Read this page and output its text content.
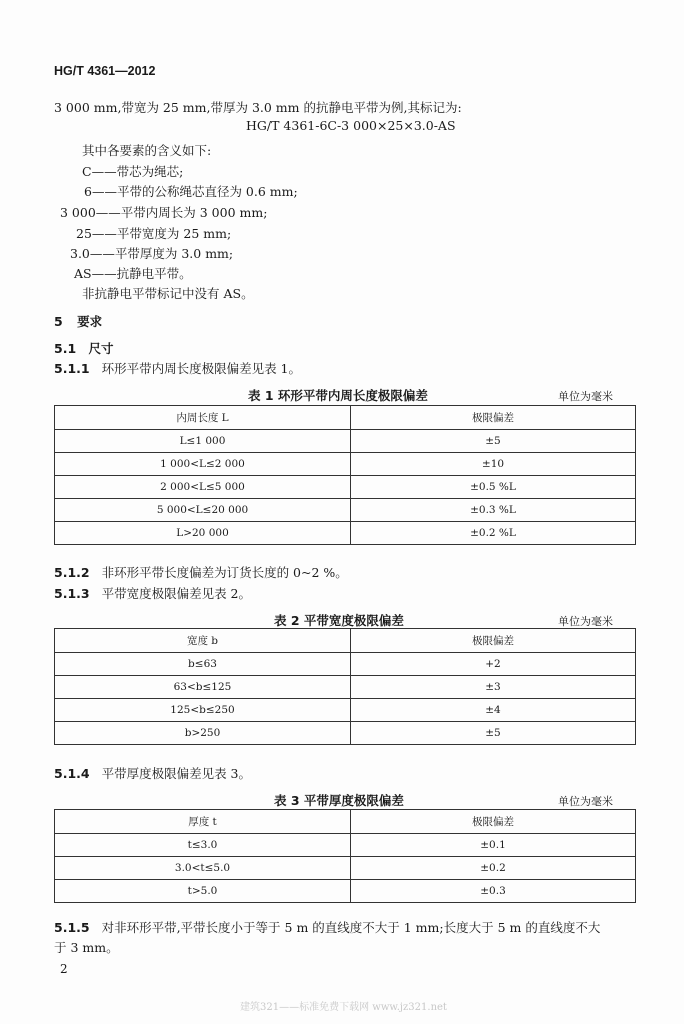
HG/T 4361—2012
3 000 mm,带宽为 25 mm,带厚为 3.0 mm 的抗静电平带为例,其标记为:
HG/T 4361-6C-3 000×25×3.0-AS
其中各要素的含义如下:
C——带芯为绳芯;
6——平带的公称绳芯直径为 0.6 mm;
3 000——平带内周长为 3 000 mm;
25——平带宽度为 25 mm;
3.0——平带厚度为 3.0 mm;
AS——抗静电平带。
非抗静电平带标记中没有 AS。
5 要求
5.1 尺寸
5.1.1 环形平带内周长度极限偏差见表 1。
表 1 环形平带内周长度极限偏差	单位为毫米
内周长度 L	极限偏差
L≤1 000	±5
1 000<L≤2 000	±10
2 000<L≤5 000	±0.5 %L
5 000<L≤20 000	±0.3 %L
L>20 000	±0.2 %L
5.1.2 非环形平带长度偏差为订货长度的 0~2 %。
5.1.3 平带宽度极限偏差见表 2。
表 2 平带宽度极限偏差	单位为毫米
宽度 b	极限偏差
b≤63	+2
63<b≤125	±3
125<b≤250	±4
b>250	±5
5.1.4 平带厚度极限偏差见表 3。
表 3 平带厚度极限偏差	单位为毫米
厚度 t	极限偏差
t≤3.0	±0.1
3.0<t≤5.0	±0.2
t>5.0	±0.3
5.1.5 对非环形平带,平带长度小于等于 5 m 的直线度不大于 1 mm;长度大于 5 m 的直线度不大
于 3 mm。
2
建筑321——标准免费下载网 www.jz321.net
